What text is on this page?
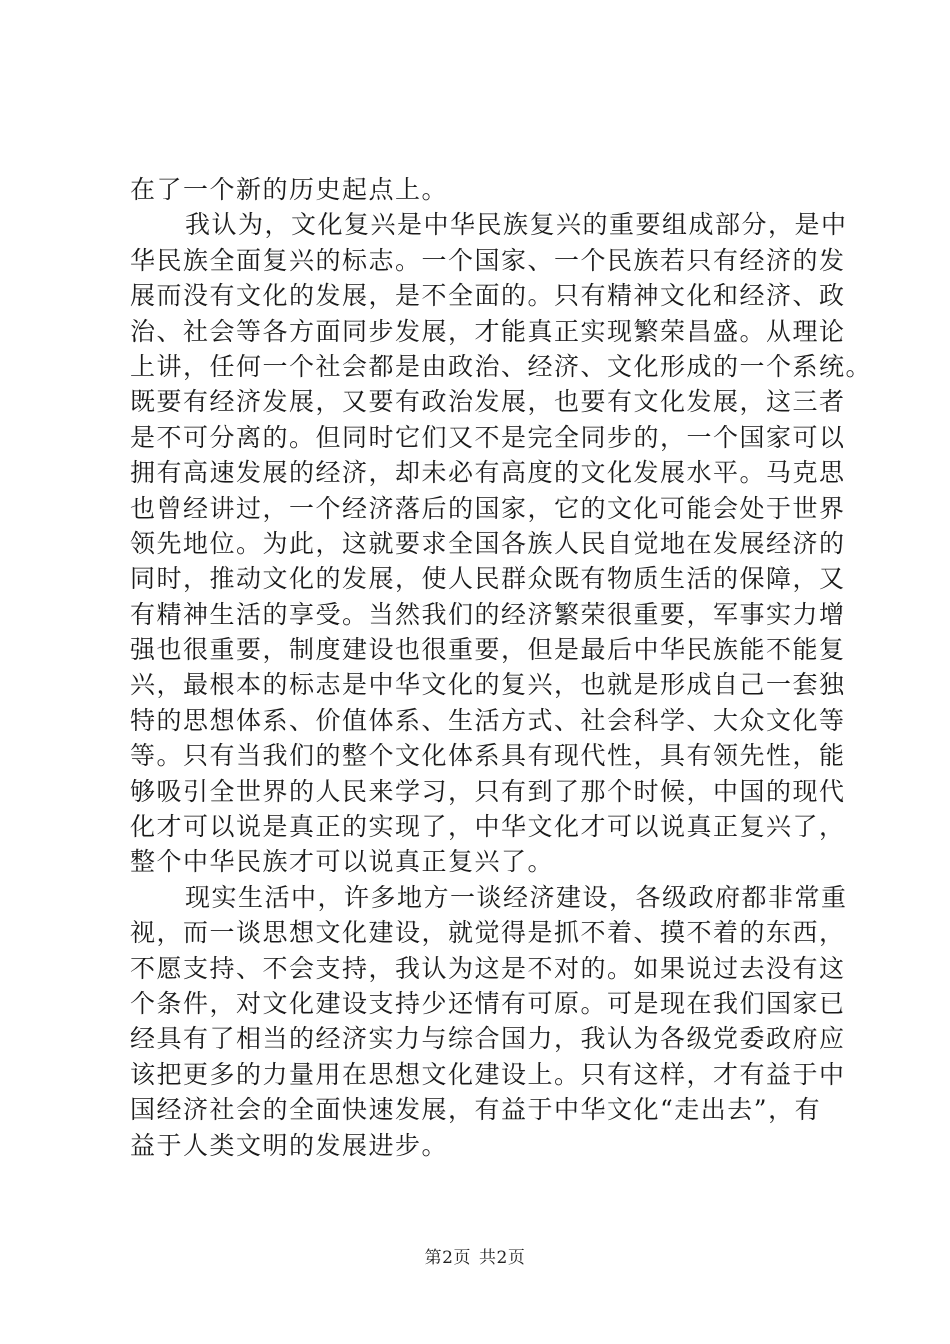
在了一个新的历史起点上。
我认为，文化复兴是中华民族复兴的重要组成部分，是中
华民族全面复兴的标志。一个国家、一个民族若只有经济的发
展而没有文化的发展，是不全面的。只有精神文化和经济、政
治、社会等各方面同步发展，才能真正实现繁荣昌盛。从理论
上讲，任何一个社会都是由政治、经济、文化形成的一个系统。
既要有经济发展，又要有政治发展，也要有文化发展，这三者
是不可分离的。但同时它们又不是完全同步的，一个国家可以
拥有高速发展的经济，却未必有高度的文化发展水平。马克思
也曾经讲过，一个经济落后的国家，它的文化可能会处于世界
领先地位。为此，这就要求全国各族人民自觉地在发展经济的
同时，推动文化的发展，使人民群众既有物质生活的保障，又
有精神生活的享受。当然我们的经济繁荣很重要，军事实力增
强也很重要，制度建设也很重要，但是最后中华民族能不能复
兴，最根本的标志是中华文化的复兴，也就是形成自己一套独
特的思想体系、价值体系、生活方式、社会科学、大众文化等
等。只有当我们的整个文化体系具有现代性，具有领先性，能
够吸引全世界的人民来学习，只有到了那个时候，中国的现代
化才可以说是真正的实现了，中华文化才可以说真正复兴了，
整个中华民族才可以说真正复兴了。
现实生活中，许多地方一谈经济建设，各级政府都非常重
视，而一谈思想文化建设，就觉得是抓不着、摸不着的东西，
不愿支持、不会支持，我认为这是不对的。如果说过去没有这
个条件，对文化建设支持少还情有可原。可是现在我们国家已
经具有了相当的经济实力与综合国力，我认为各级党委政府应
该把更多的力量用在思想文化建设上。只有这样，才有益于中
国经济社会的全面快速发展，有益于中华文化“走出去”，有
益于人类文明的发展进步。
第2页 共2页
